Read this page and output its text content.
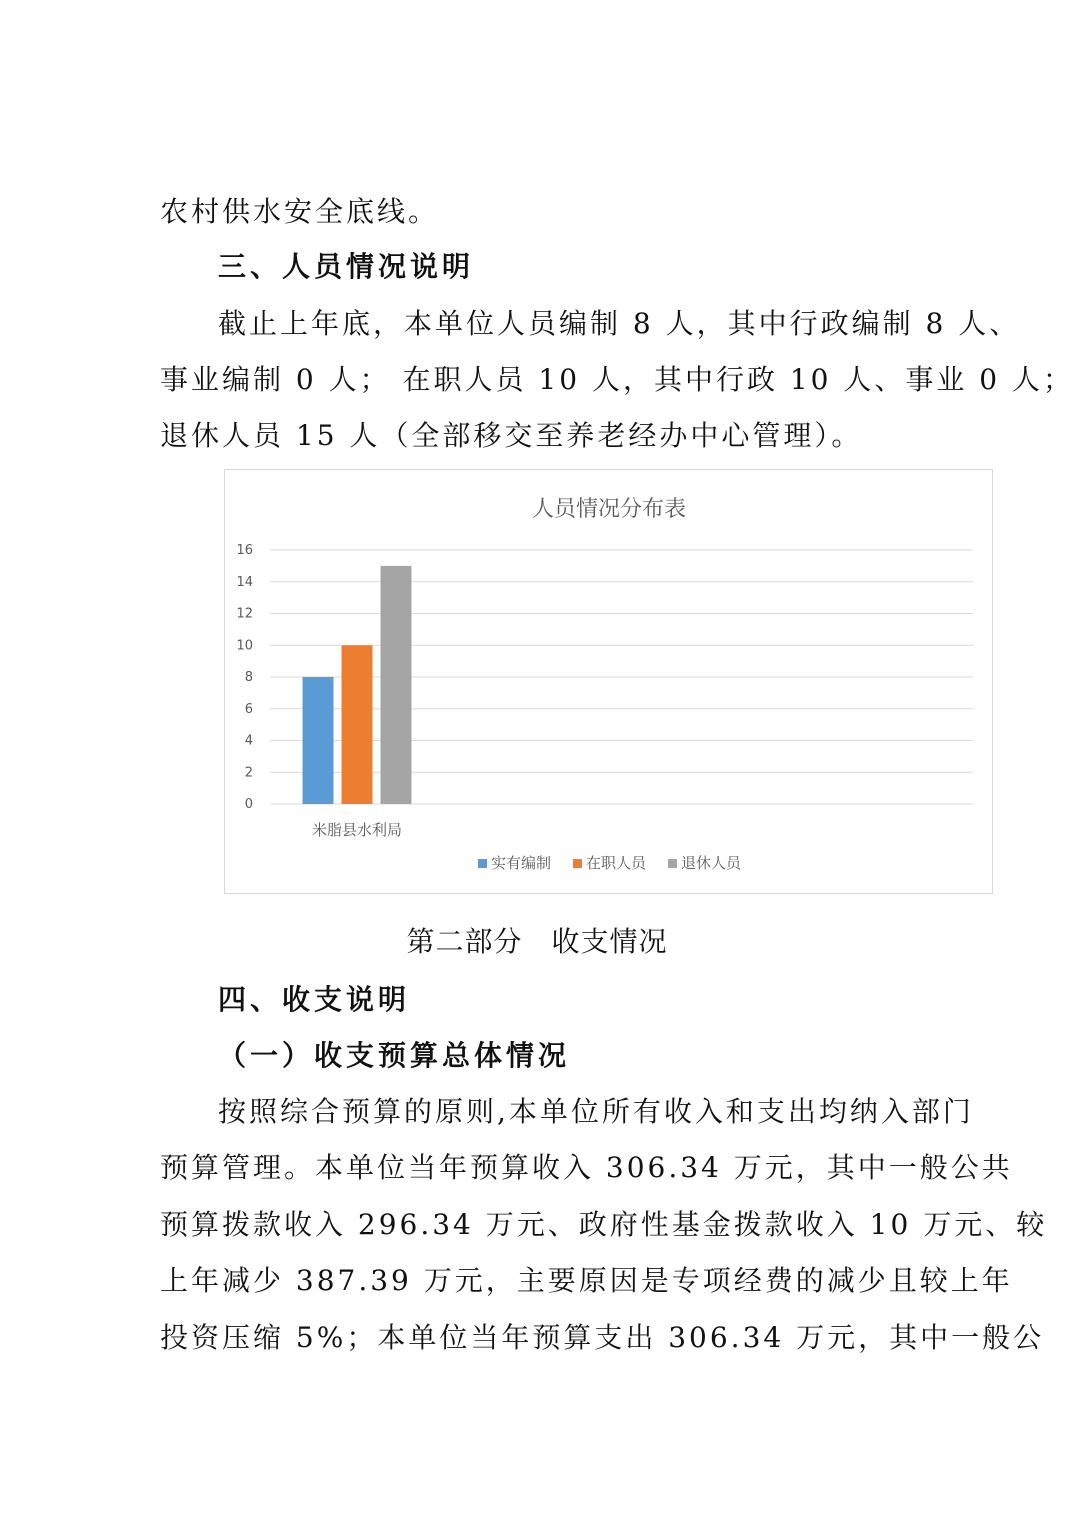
农村供水安全底线。
三、人员情况说明
截止上年底，本单位人员编制 8 人，其中行政编制 8 人、
事业编制 0 人； 在职人员 10 人，其中行政 10 人、事业 0 人；
退休人员 15 人（全部移交至养老经办中心管理）。
人员情况分布表
0
2
4
6
8
10
12
14
16
米脂县水利局
实有编制 在职人员 退休人员
第二部分　收支情况
四、收支说明
（一）收支预算总体情况
按照综合预算的原则,本单位所有收入和支出均纳入部门
预算管理。本单位当年预算收入 306.34 万元，其中一般公共
预算拨款收入 296.34 万元、政府性基金拨款收入 10 万元、较
上年减少 387.39 万元，主要原因是专项经费的减少且较上年
投资压缩 5%；本单位当年预算支出 306.34 万元，其中一般公
